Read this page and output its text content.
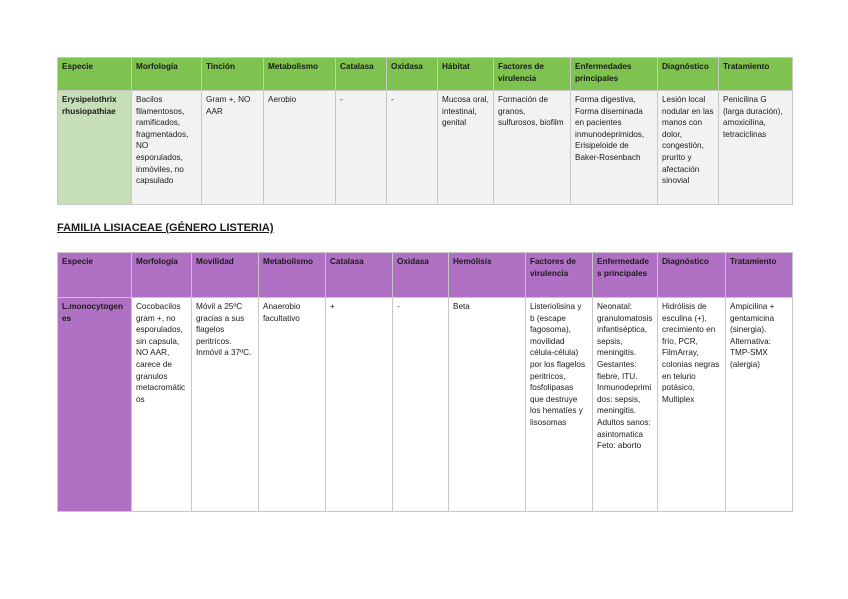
Especie	Morfología	Tinción	Metabolismo	Catalasa	Oxidasa	Hábitat	Factores de virulencia	Enfermedades principales	Diagnóstico	Tratamiento
Erysipelothrix rhusiopathiae	Bacilos filamentosos, ramificados, fragmentados, NO esporulados, inmóviles, no capsulado	Gram +, NO AAR	Aerobio	-	-	Mucosa oral, intestinal, genital	Formación de granos, sulfurosos, biofilm	Forma digestiva, Forma diseminada en pacientes inmunodeprimidos, Erisipeloide de Baker-Rosenbach	Lesión local nodular en las manos con dolor, congestión, prurito y afectación sinovial	Penicilina G (larga duración), amoxicilina, tetraciclinas

FAMILIA LISIACEAE (GÉNERO LISTERIA)

Especie	Morfología	Movilidad	Metabolismo	Catalasa	Oxidasa	Hemólisis	Factores de virulencia	Enfermedades principales	Diagnóstico	Tratamiento
L.monocytogenes	Cocobacilos gram +, no esporulados, sin capsula, NO AAR, carece de granulos metacromáticos	Móvil a 25ºC gracias a sus flagelos peritricos. Inmóvil a 37ºC.	Anaerobio facultativo	+	-	Beta	Listeriolisina y b (escape fagosoma), movilidad célula-célula) por los flagelos peritricos, fosfolipasas que destruye los hematíes y lisosomas	Neonatal: granulomatosis infantiséptica, sepsis, meningitis. Gestantes: fiebre, ITU. Inmunodeprimidos: sepsis, meningitis. Adultos sanos: asintomatica Feto: aborto	Hidrólisis de esculina (+), crecimiento en frío, PCR, FilmArray, colonias negras en telurio potásico, Multiplex	Ampicilina + gentamicina (sinergia). Alternativa: TMP-SMX (alergia)
